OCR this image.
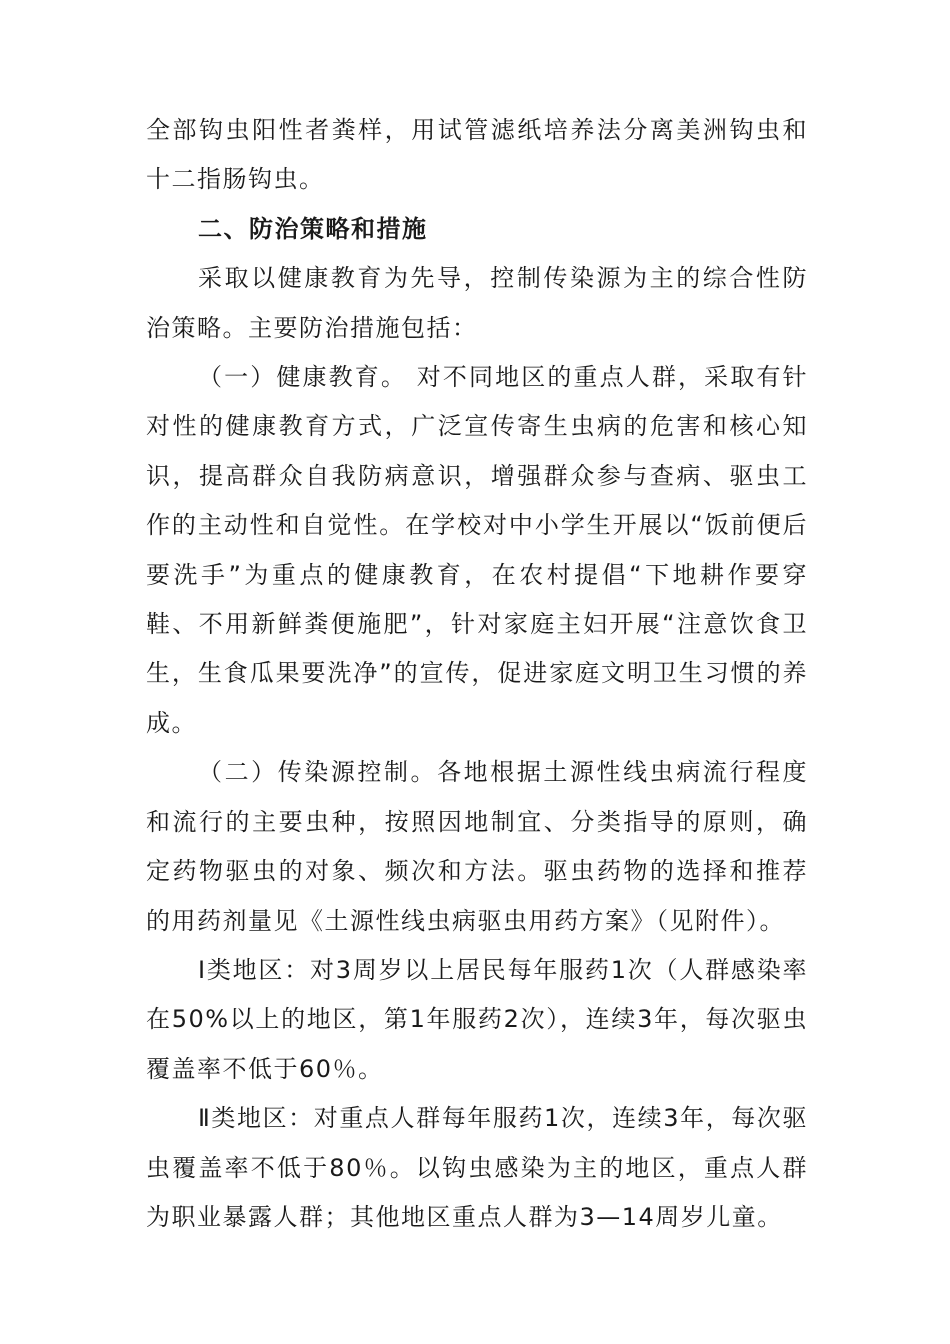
全部钩虫阳性者粪样，用试管滤纸培养法分离美洲钩虫和十二指肠钩虫。

二、防治策略和措施

采取以健康教育为先导，控制传染源为主的综合性防治策略。主要防治措施包括：

（一）健康教育。 对不同地区的重点人群，采取有针对性的健康教育方式，广泛宣传寄生虫病的危害和核心知识，提高群众自我防病意识，增强群众参与查病、驱虫工作的主动性和自觉性。在学校对中小学生开展以“饭前便后要洗手”为重点的健康教育，在农村提倡“下地耕作要穿鞋、不用新鲜粪便施肥”，针对家庭主妇开展“注意饮食卫生，生食瓜果要洗净”的宣传，促进家庭文明卫生习惯的养成。

（二）传染源控制。各地根据土源性线虫病流行程度和流行的主要虫种，按照因地制宜、分类指导的原则，确定药物驱虫的对象、频次和方法。驱虫药物的选择和推荐的用药剂量见《土源性线虫病驱虫用药方案》（见附件）。

Ⅰ类地区：对3周岁以上居民每年服药1次（人群感染率在50%以上的地区，第1年服药2次），连续3年，每次驱虫覆盖率不低于60％。

Ⅱ类地区：对重点人群每年服药1次，连续3年，每次驱虫覆盖率不低于80％。以钩虫感染为主的地区，重点人群为职业暴露人群；其他地区重点人群为3—14周岁儿童。
